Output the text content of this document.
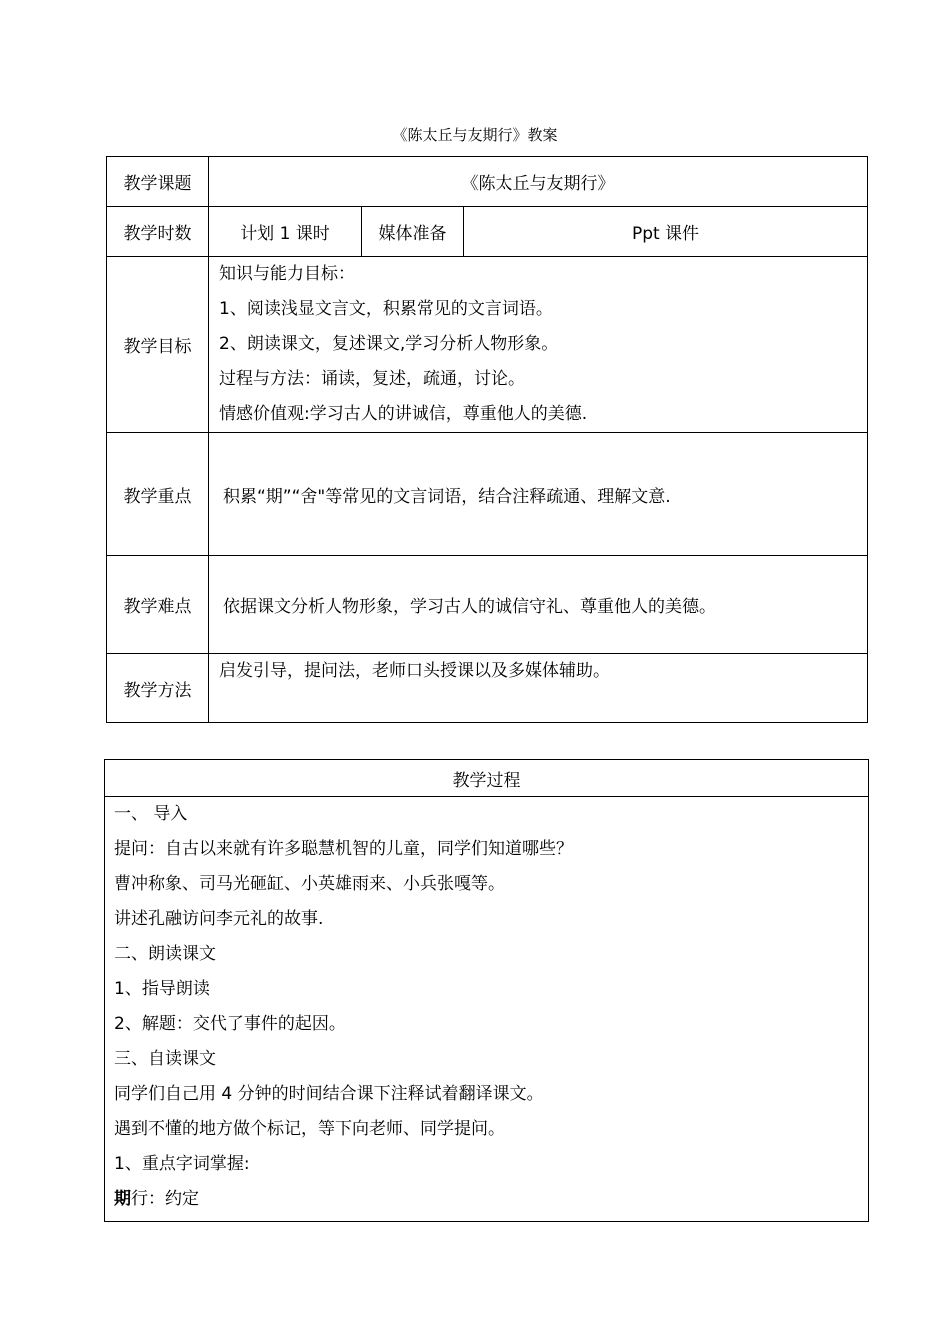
《陈太丘与友期行》教案
教学课题	《陈太丘与友期行》		
教学时数	计划 1 课时	媒体准备	Ppt 课件
教学目标	知识与能力目标：
1、阅读浅显文言文，积累常见的文言词语。
2、朗读课文，复述课文,学习分析人物形象。
过程与方法：诵读，复述，疏通，讨论。
情感价值观:学习古人的讲诚信，尊重他人的美德.		

教学重点	积累“期”“舍"等常见的文言词语，结合注释疏通、理解文意.		
教学难点	依据课文分析人物形象，学习古人的诚信守礼、尊重他人的美德。		
教学方法	启发引导，提问法，老师口头授课以及多媒体辅助。		
教学过程

一、 导入
提问：自古以来就有许多聪慧机智的儿童，同学们知道哪些？
曹冲称象、司马光砸缸、小英雄雨来、小兵张嘎等。
讲述孔融访问李元礼的故事.
二、朗读课文
1、指导朗读
2、解题：交代了事件的起因。
三、自读课文
同学们自己用 4 分钟的时间结合课下注释试着翻译课文。
遇到不懂的地方做个标记，等下向老师、同学提问。
1、重点字词掌握:
期行：约定
